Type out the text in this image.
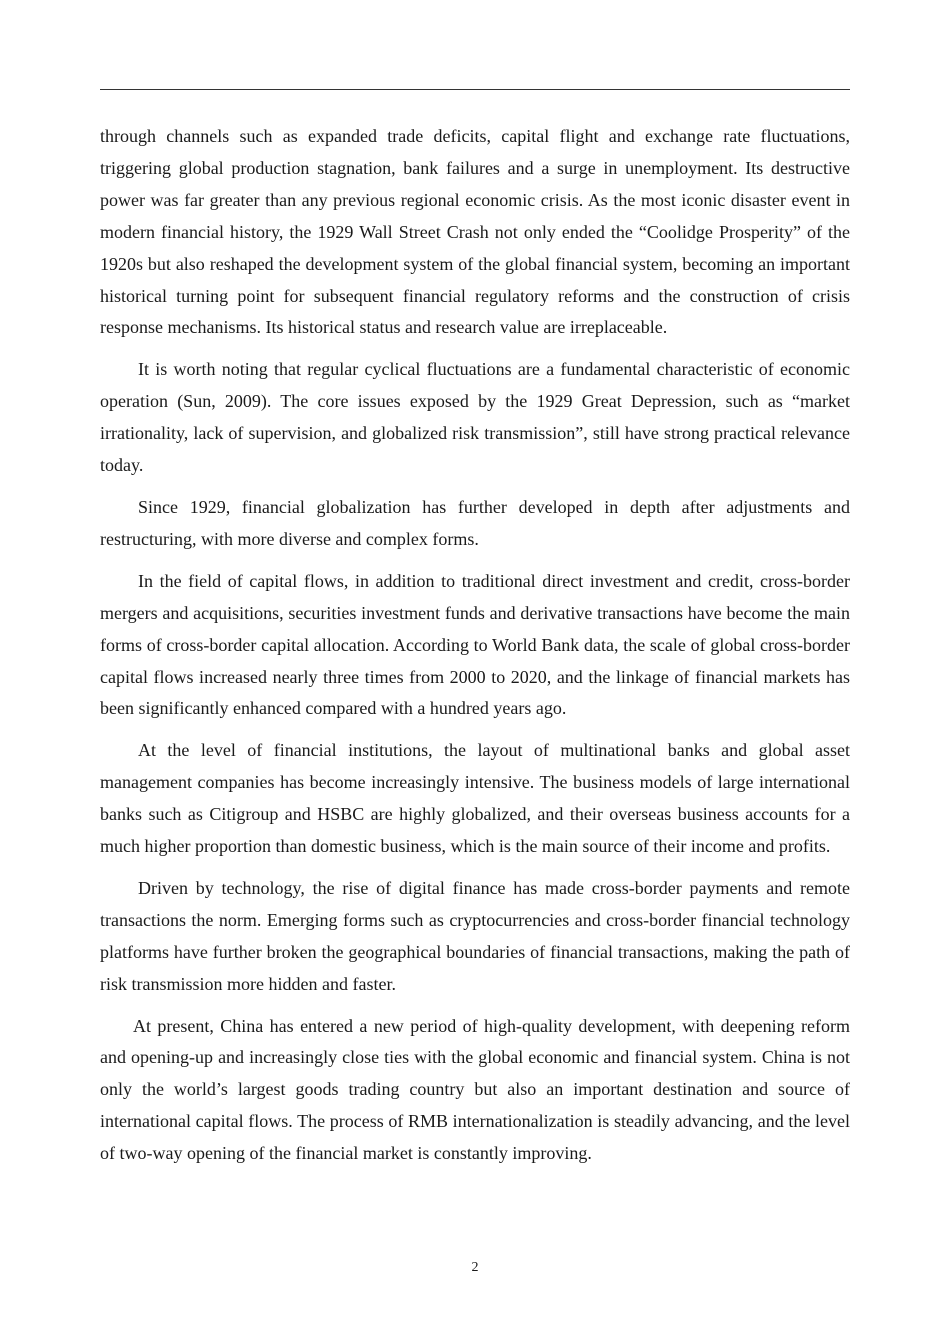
through channels such as expanded trade deficits, capital flight and exchange rate fluctuations, triggering global production stagnation, bank failures and a surge in unemployment. Its destructive power was far greater than any previous regional economic crisis. As the most iconic disaster event in modern financial history, the 1929 Wall Street Crash not only ended the “Coolidge Prosperity” of the 1920s but also reshaped the development system of the global financial system, becoming an important historical turning point for subsequent financial regulatory reforms and the construction of crisis response mechanisms. Its historical status and research value are irreplaceable.

It is worth noting that regular cyclical fluctuations are a fundamental characteristic of economic operation (Sun, 2009). The core issues exposed by the 1929 Great Depression, such as “market irrationality, lack of supervision, and globalized risk transmission”, still have strong practical relevance today.

Since 1929, financial globalization has further developed in depth after adjustments and restructuring, with more diverse and complex forms.

In the field of capital flows, in addition to traditional direct investment and credit, cross-border mergers and acquisitions, securities investment funds and derivative transactions have become the main forms of cross-border capital allocation. According to World Bank data, the scale of global cross-border capital flows increased nearly three times from 2000 to 2020, and the linkage of financial markets has been significantly enhanced compared with a hundred years ago.

At the level of financial institutions, the layout of multinational banks and global asset management companies has become increasingly intensive. The business models of large international banks such as Citigroup and HSBC are highly globalized, and their overseas business accounts for a much higher proportion than domestic business, which is the main source of their income and profits.

Driven by technology, the rise of digital finance has made cross-border payments and remote transactions the norm. Emerging forms such as cryptocurrencies and cross-border financial technology platforms have further broken the geographical boundaries of financial transactions, making the path of risk transmission more hidden and faster.

At present, China has entered a new period of high-quality development, with deepening reform and opening-up and increasingly close ties with the global economic and financial system. China is not only the world’s largest goods trading country but also an important destination and source of international capital flows. The process of RMB internationalization is steadily advancing, and the level of two-way opening of the financial market is constantly improving.

2
